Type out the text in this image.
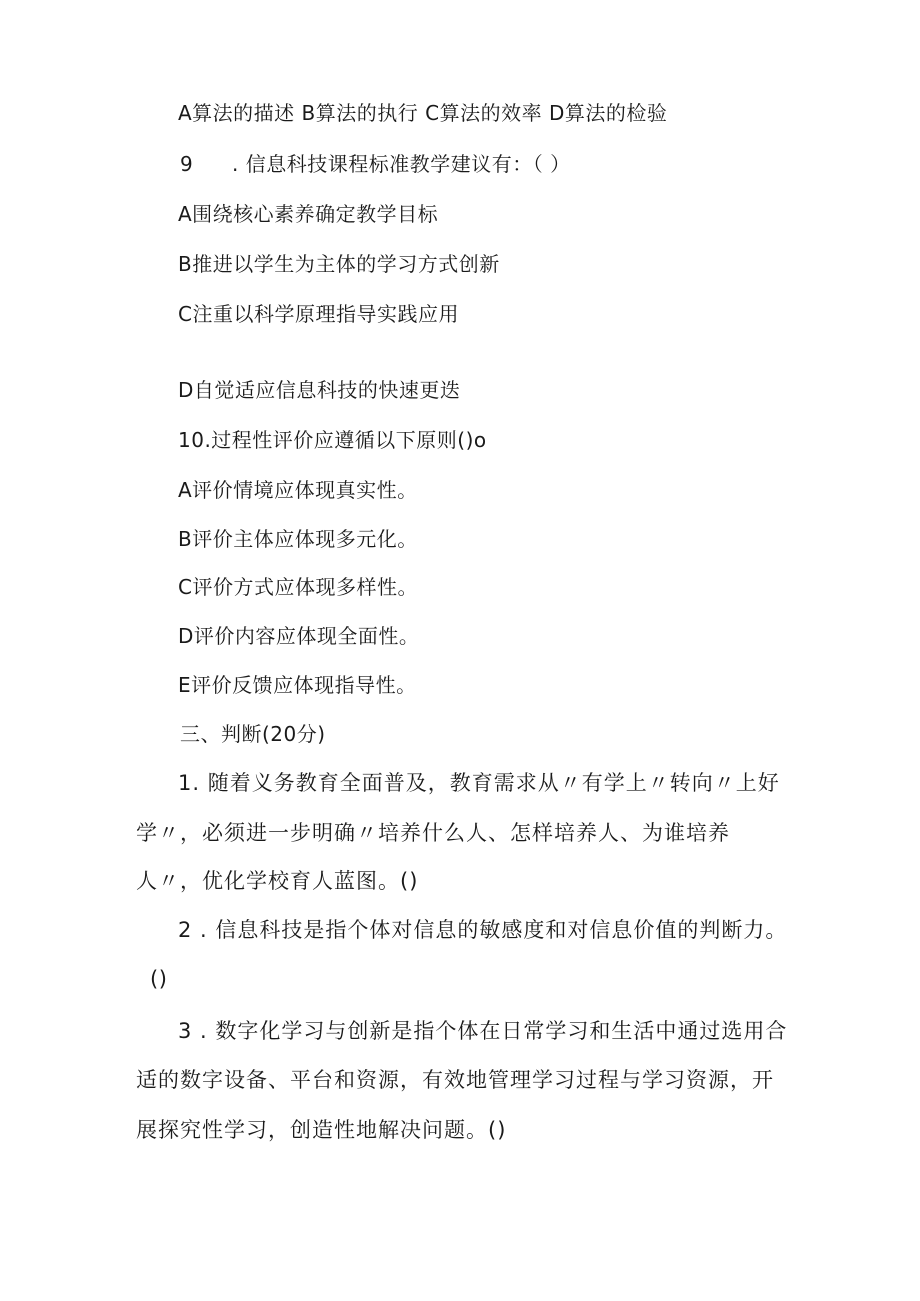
A算法的描述 B算法的执行 C算法的效率 D算法的检验
9 . 信息科技课程标准教学建议有：（ ）
A围绕核心素养确定教学目标
B推进以学生为主体的学习方式创新
C注重以科学原理指导实践应用
D自觉适应信息科技的快速更迭
10.过程性评价应遵循以下原则()o
A评价情境应体现真实性。
B评价主体应体现多元化。
C评价方式应体现多样性。
D评价内容应体现全面性。
E评价反馈应体现指导性。
三、判断(20分)
1. 随着义务教育全面普及，教育需求从〃有学上〃转向〃上好
学〃，必须进一步明确〃培养什么人、怎样培养人、为谁培养
人〃，优化学校育人蓝图。()
2 . 信息科技是指个体对信息的敏感度和对信息价值的判断力。
()
3 . 数字化学习与创新是指个体在日常学习和生活中通过选用合
适的数字设备、平台和资源，有效地管理学习过程与学习资源，开
展探究性学习，创造性地解决问题。()
